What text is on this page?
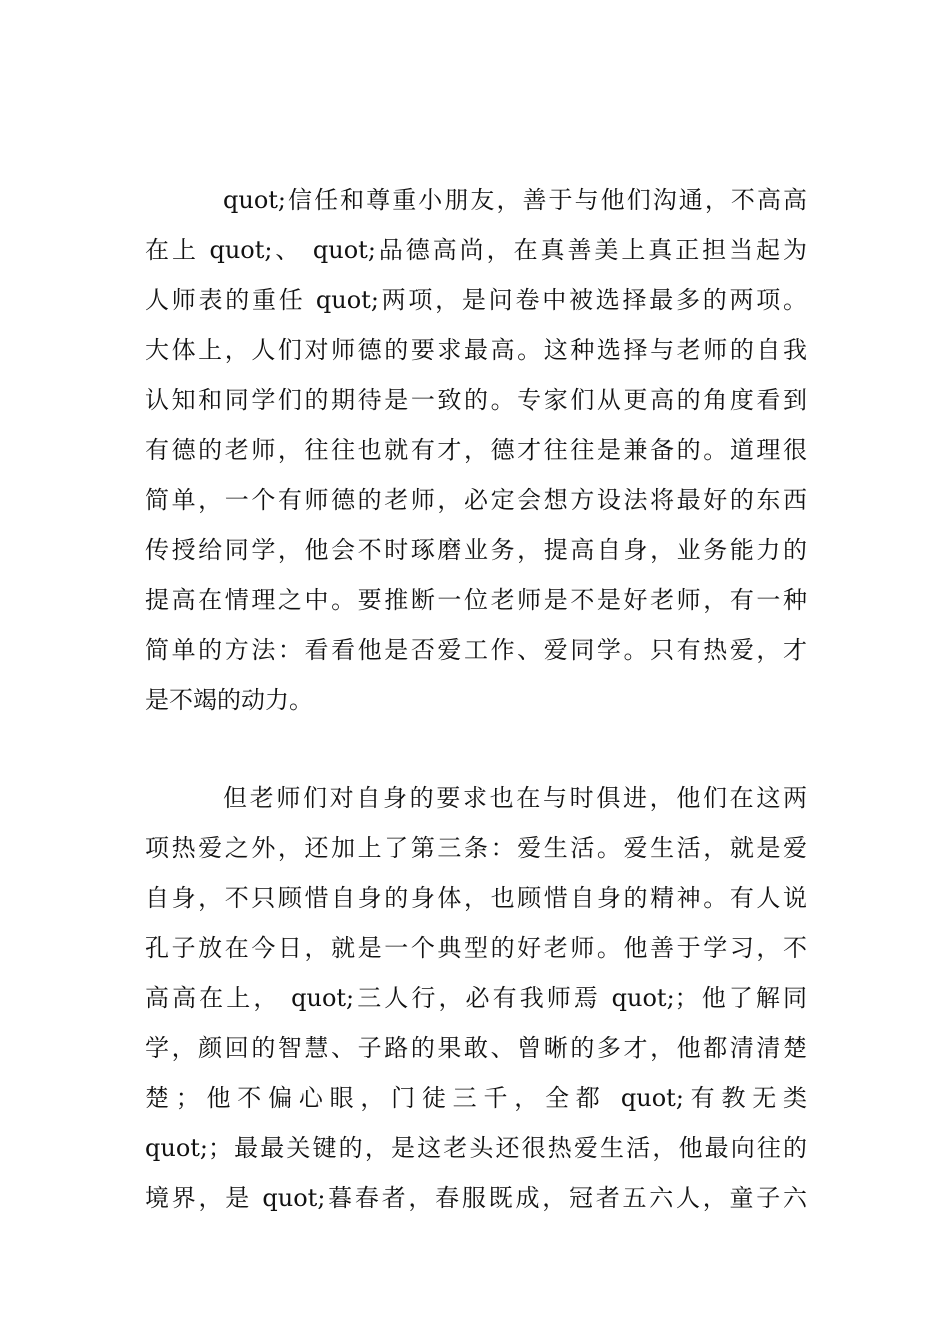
quot;信任和尊重小朋友，善于与他们沟通，不高高
在上 quot;、 quot;品德高尚，在真善美上真正担当起为
人师表的重任 quot;两项，是问卷中被选择最多的两项。
大体上，人们对师德的要求最高。这种选择与老师的自我
认知和同学们的期待是一致的。专家们从更高的角度看到
有德的老师，往往也就有才，德才往往是兼备的。道理很
简单，一个有师德的老师，必定会想方设法将最好的东西
传授给同学，他会不时琢磨业务，提高自身，业务能力的
提高在情理之中。要推断一位老师是不是好老师，有一种
简单的方法：看看他是否爱工作、爱同学。只有热爱，才
是不竭的动力。
但老师们对自身的要求也在与时俱进，他们在这两
项热爱之外，还加上了第三条：爱生活。爱生活，就是爱
自身，不只顾惜自身的身体，也顾惜自身的精神。有人说
孔子放在今日，就是一个典型的好老师。他善于学习，不
高高在上， quot;三人行，必有我师焉 quot;；他了解同
学，颜回的智慧、子路的果敢、曾晰的多才，他都清清楚
楚；他不偏心眼，门徒三千，全都 quot;有教无类
quot;；最最关键的，是这老头还很热爱生活，他最向往的
境界，是 quot;暮春者，春服既成，冠者五六人，童子六
